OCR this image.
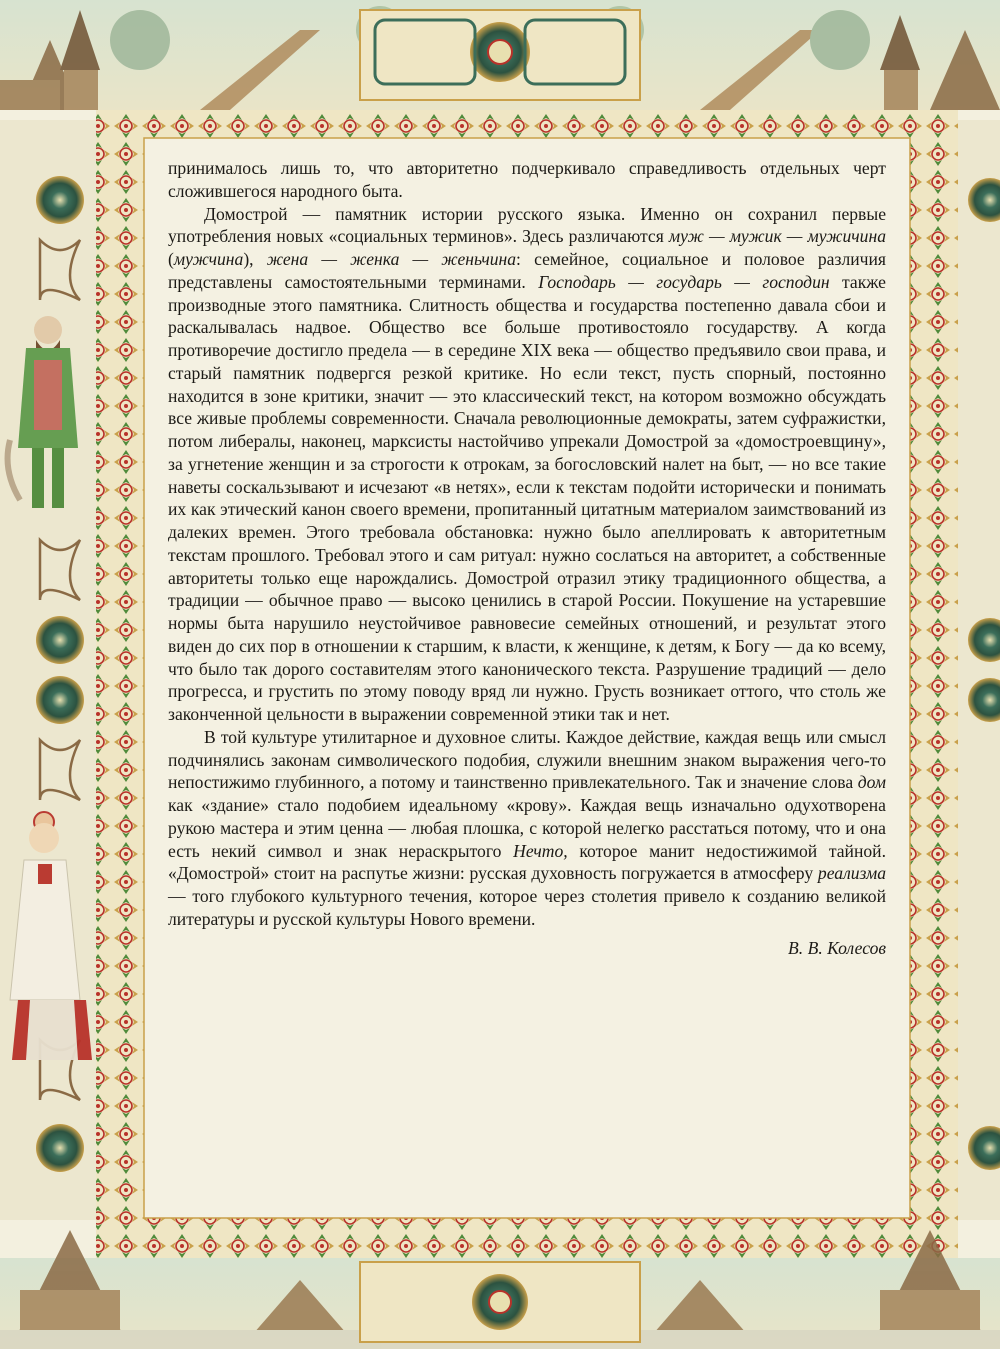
принималось лишь то, что авторитетно подчеркивало справедливость отдельных черт сложившегося народного быта.

Домострой — памятник истории русского языка. Именно он сохранил первые употребления новых «социальных терминов». Здесь различаются муж — мужик — мужичина (мужчина), жена — женка — женьчина: семейное, социальное и половое различия представлены самостоятельными терминами. Господарь — государь — господин также производные этого памятника. Слитность общества и государства постепенно давала сбои и раскалывалась надвое. Общество все больше противостояло государству. А когда противоречие достигло предела — в середине XIX века — общество предъявило свои права, и старый памятник подвергся резкой критике. Но если текст, пусть спорный, постоянно находится в зоне критики, значит — это классический текст, на котором возможно обсуждать все живые проблемы современности. Сначала революционные демократы, затем суфражистки, потом либералы, наконец, марксисты настойчиво упрекали Домострой за «домостроевщину», за угнетение женщин и за строгости к отрокам, за богословский налет на быт, — но все такие наветы соскальзывают и исчезают «в нетях», если к текстам подойти исторически и понимать их как этический канон своего времени, пропитанный цитатным материалом заимствований из далеких времен. Этого требовала обстановка: нужно было апеллировать к авторитетным текстам прошлого. Требовал этого и сам ритуал: нужно сослаться на авторитет, а собственные авторитеты только еще нарождались. Домострой отразил этику традиционного общества, а традиции — обычное право — высоко ценились в старой России. Покушение на устаревшие нормы быта нарушило неустойчивое равновесие семейных отношений, и результат этого виден до сих пор в отношении к старшим, к власти, к женщине, к детям, к Богу — да ко всему, что было так дорого составителям этого канонического текста. Разрушение традиций — дело прогресса, и грустить по этому поводу вряд ли нужно. Грусть возникает оттого, что столь же законченной цельности в выражении современной этики так и нет.

В той культуре утилитарное и духовное слиты. Каждое действие, каждая вещь или смысл подчинялись законам символического подобия, служили внешним знаком выражения чего-то непостижимо глубинного, а потому и таинственно привлекательного. Так и значение слова дом как «здание» стало подобием идеальному «крову». Каждая вещь изначально одухотворена рукою мастера и этим ценна — любая плошка, с которой нелегко расстаться потому, что и она есть некий символ и знак нераскрытого Нечто, которое манит недостижимой тайной. «Домострой» стоит на распутье жизни: русская духовность погружается в атмосферу реализма — того глубокого культурного течения, которое через столетия привело к созданию великой литературы и русской культуры Нового времени.

В. В. Колесов
